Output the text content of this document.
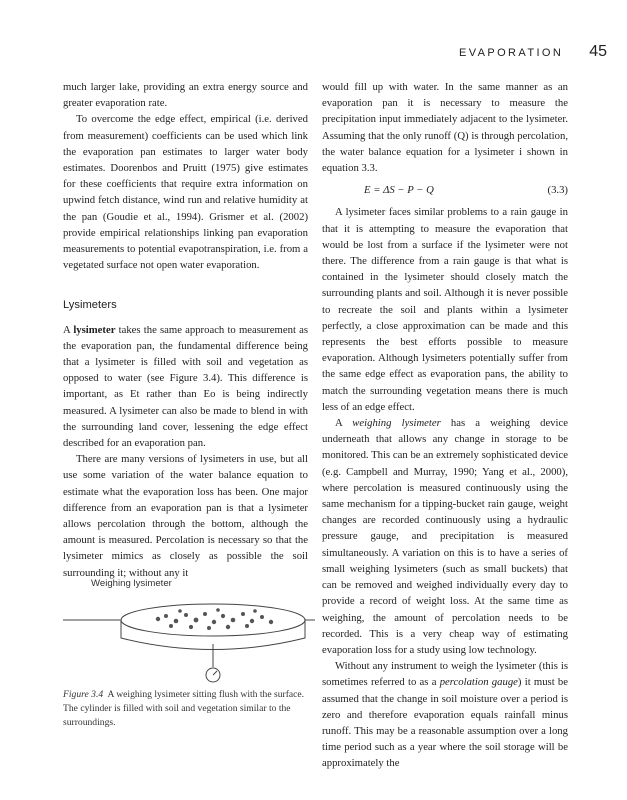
EVAPORATION 45

much larger lake, providing an extra energy source and greater evaporation rate.

To overcome the edge effect, empirical (i.e. derived from measurement) coefficients can be used which link the evaporation pan estimates to larger water body estimates. Doorenbos and Pruitt (1975) give estimates for these coefficients that require extra information on upwind fetch distance, wind run and relative humidity at the pan (Goudie et al., 1994). Grismer et al. (2002) provide empirical relationships linking pan evaporation measurements to potential evapotranspiration, i.e. from a vegetated surface not open water evaporation.

Lysimeters

A lysimeter takes the same approach to measurement as the evaporation pan, the fundamental difference being that a lysimeter is filled with soil and vegetation as opposed to water (see Figure 3.4). This difference is important, as Et rather than Eo is being indirectly measured. A lysimeter can also be made to blend in with the surrounding land cover, lessening the edge effect described for an evaporation pan.

There are many versions of lysimeters in use, but all use some variation of the water balance equation to estimate what the evaporation loss has been. One major difference from an evaporation pan is that a lysimeter allows percolation through the bottom, although the amount is measured. Percolation is necessary so that the lysimeter mimics as closely as possible the soil surrounding it; without any it

Weighing lysimeter
Figure 3.4 A weighing lysimeter sitting flush with the surface. The cylinder is filled with soil and vegetation similar to the surroundings.

would fill up with water. In the same manner as an evaporation pan it is necessary to measure the precipitation input immediately adjacent to the lysimeter. Assuming that the only runoff (Q) is through percolation, the water balance equation for a lysimeter i shown in equation 3.3.

E = ΔS − P − Q	(3.3)

A lysimeter faces similar problems to a rain gauge in that it is attempting to measure the evaporation that would be lost from a surface if the lysimeter were not there. The difference from a rain gauge is that what is contained in the lysimeter should closely match the surrounding plants and soil. Although it is never possible to recreate the soil and plants within a lysimeter perfectly, a close approximation can be made and this represents the best efforts possible to measure evaporation. Although lysimeters potentially suffer from the same edge effect as evaporation pans, the ability to match the surrounding vegetation means there is much less of an edge effect.

A weighing lysimeter has a weighing device underneath that allows any change in storage to be monitored. This can be an extremely sophisticated device (e.g. Campbell and Murray, 1990; Yang et al., 2000), where percolation is measured continuously using the same mechanism for a tipping-bucket rain gauge, weight changes are recorded continuously using a hydraulic pressure gauge, and precipitation is measured simultaneously. A variation on this is to have a series of small weighing lysimeters (such as small buckets) that can be removed and weighed individually every day to provide a record of weight loss. At the same time as weighing, the amount of percolation needs to be recorded. This is a very cheap way of estimating evaporation loss for a study using low technology.

Without any instrument to weigh the lysimeter (this is sometimes referred to as a percolation gauge) it must be assumed that the change in soil moisture over a period is zero and therefore evaporation equals rainfall minus runoff. This may be a reasonable assumption over a long time period such as a year where the soil storage will be approximately the
